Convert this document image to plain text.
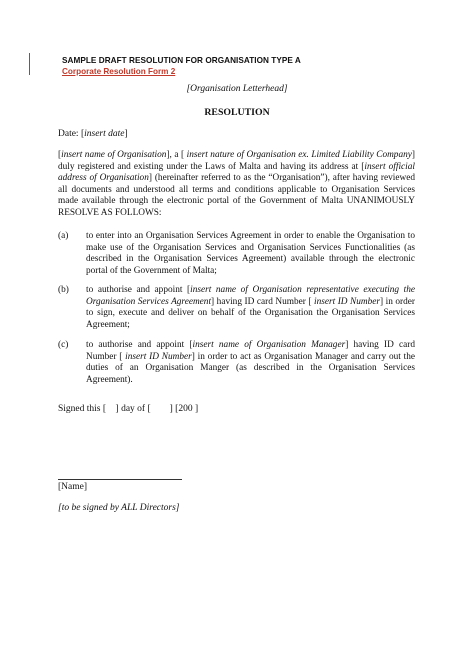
SAMPLE DRAFT RESOLUTION FOR ORGANISATION TYPE A
Corporate Resolution Form 2
[Organisation Letterhead]
RESOLUTION
Date: [insert date]
[insert name of Organisation], a [ insert nature of Organisation ex. Limited Liability Company] duly registered and existing under the Laws of Malta and having its address at [insert official address of Organisation] (hereinafter referred to as the “Organisation”), after having reviewed all documents and understood all terms and conditions applicable to Organisation Services made available through the electronic portal of the Government of Malta UNANIMOUSLY RESOLVE AS FOLLOWS:
(a) to enter into an Organisation Services Agreement in order to enable the Organisation to make use of the Organisation Services and Organisation Services Functionalities (as described in the Organisation Services Agreement) available through the electronic portal of the Government of Malta;
(b) to authorise and appoint [insert name of Organisation representative executing the Organisation Services Agreement] having ID card Number [ insert ID Number] in order to sign, execute and deliver on behalf of the Organisation the Organisation Services Agreement;
(c) to authorise and appoint [insert name of Organisation Manager] having ID card Number [ insert ID Number] in order to act as Organisation Manager and carry out the duties of an Organisation Manger (as described in the Organisation Services Agreement).
Signed this [    ] day of [        ] [200 ]
[Name]
[to be signed by ALL Directors]
